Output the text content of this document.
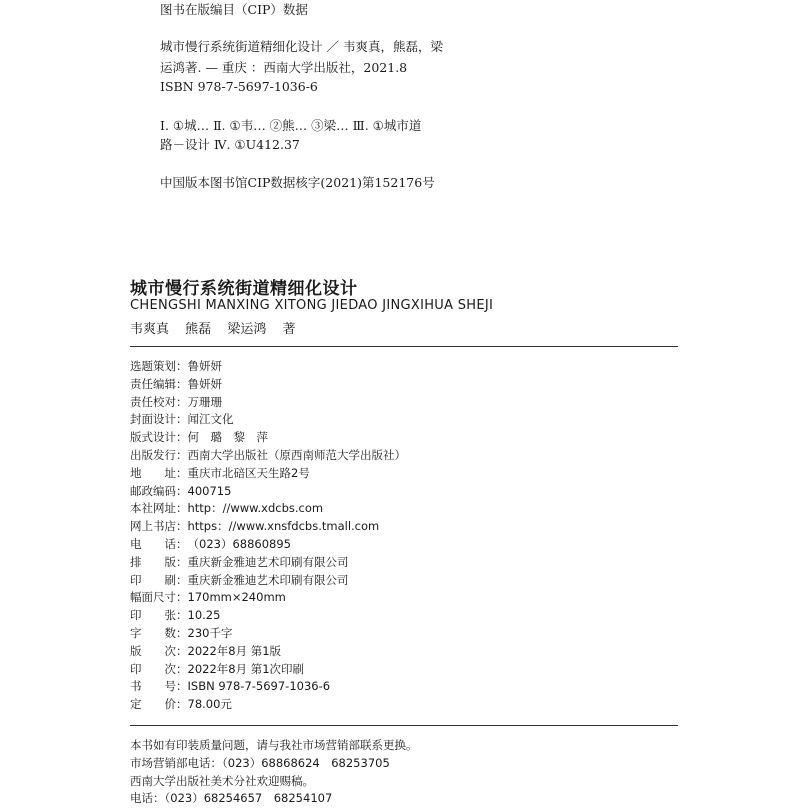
图书在版编目（CIP）数据
城市慢行系统街道精细化设计 ／ 韦爽真，熊磊，梁
运鸿著. — 重庆 ：西南大学出版社，2021.8
ISBN 978-7-5697-1036-6
Ⅰ. ①城… Ⅱ. ①韦… ②熊… ③梁… Ⅲ. ①城市道
路－设计 Ⅳ. ①U412.37
中国版本图书馆CIP数据核字(2021)第152176号
城市慢行系统街道精细化设计
CHENGSHI MANXING XITONG JIEDAO JINGXIHUA SHEJI
韦爽真 熊磊 梁运鸿 著
选题策划：鲁妍妍
责任编辑：鲁妍妍
责任校对：万珊珊
封面设计：闻江文化
版式设计：何　璐　黎　萍
出版发行：西南大学出版社（原西南师范大学出版社）
地　　址：重庆市北碚区天生路2号
邮政编码：400715
本社网址：http：//www.xdcbs.com
网上书店：https：//www.xnsfdcbs.tmall.com
电　　话：（023）68860895
排　　版：重庆新金雅迪艺术印刷有限公司
印　　刷：重庆新金雅迪艺术印刷有限公司
幅面尺寸：170mm×240mm
印　　张：10.25
字　　数：230千字
版　　次：2022年8月 第1版
印　　次：2022年8月 第1次印刷
书　　号：ISBN 978-7-5697-1036-6
定　　价：78.00元
本书如有印装质量问题，请与我社市场营销部联系更换。
市场营销部电话：（023）68868624　68253705
西南大学出版社美术分社欢迎赐稿。
电话：（023）68254657　68254107
